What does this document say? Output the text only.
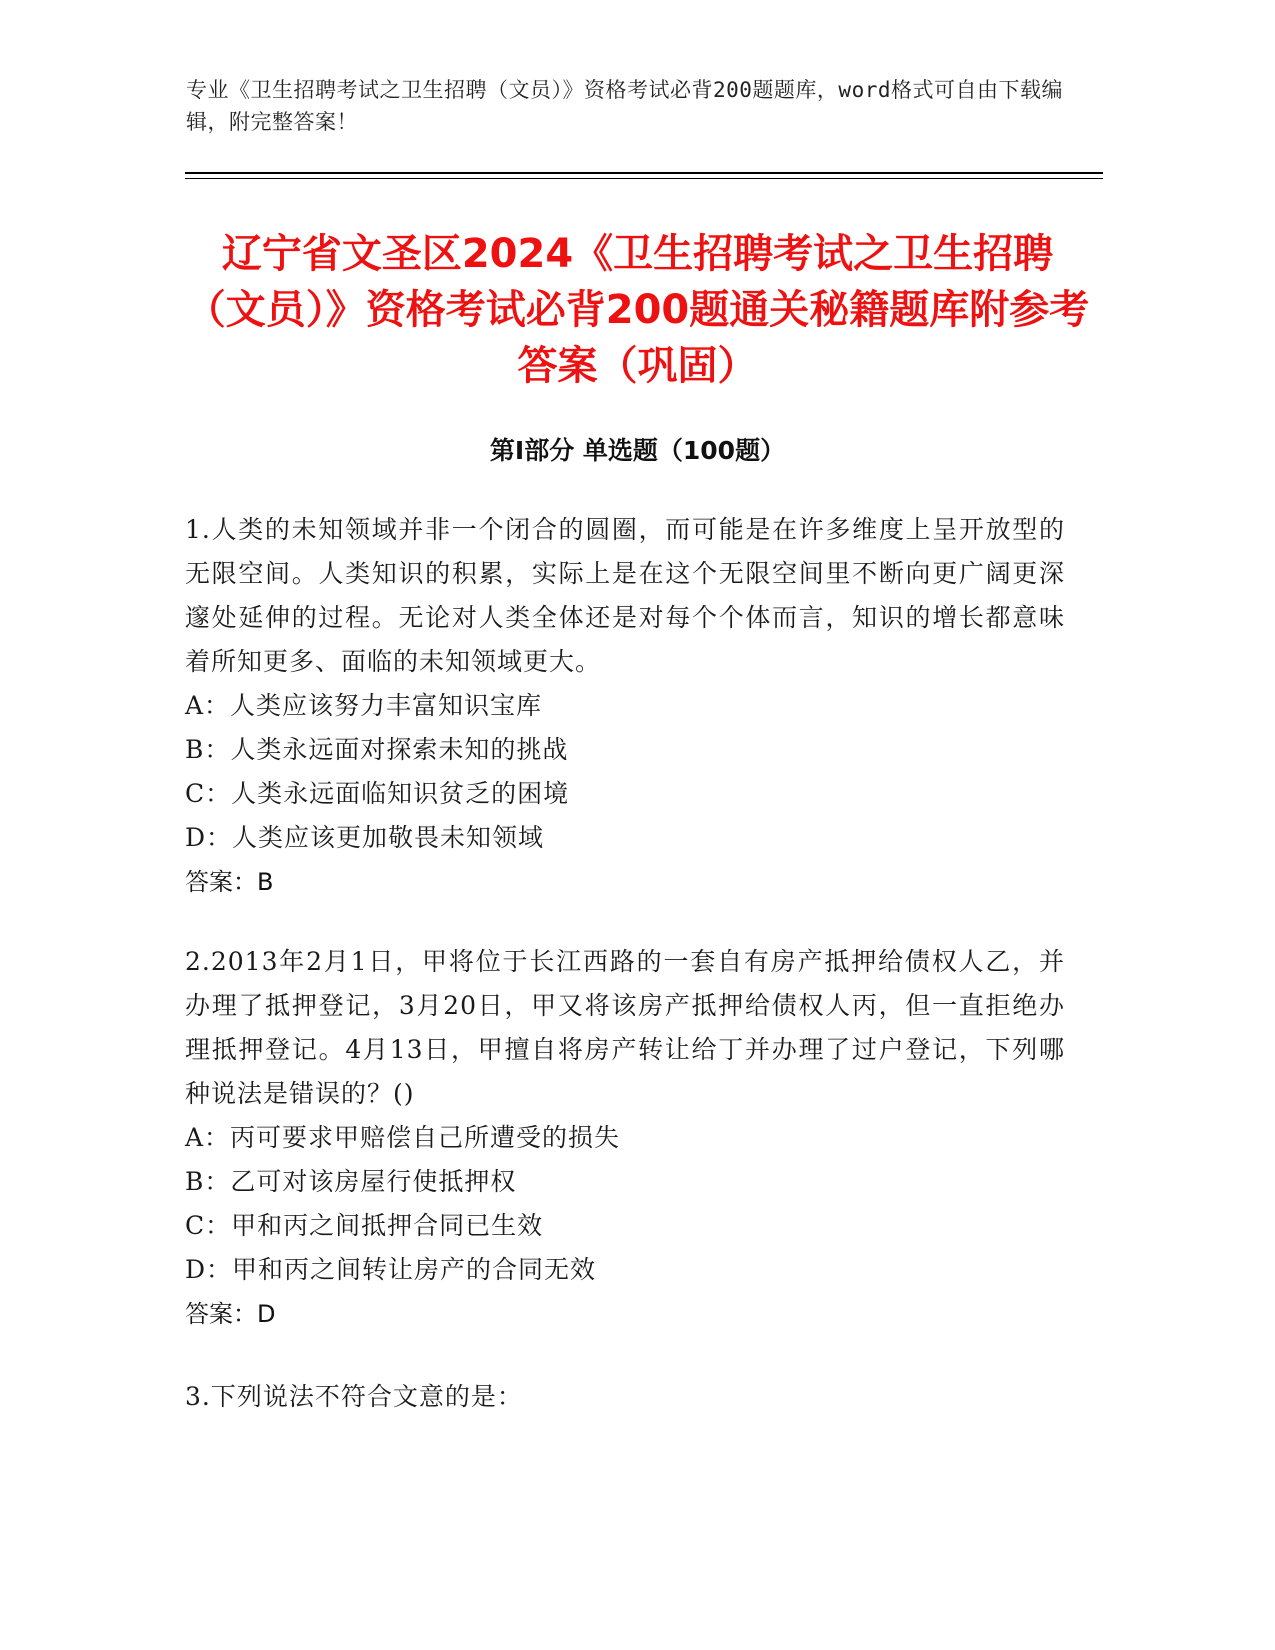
专业《卫生招聘考试之卫生招聘（文员）》资格考试必背200题题库，word格式可自由下载编辑，附完整答案！
辽宁省文圣区2024《卫生招聘考试之卫生招聘（文员）》资格考试必背200题通关秘籍题库附参考答案（巩固）
第Ⅰ部分 单选题（100题）
1.人类的未知领域并非一个闭合的圆圈，而可能是在许多维度上呈开放型的无限空间。人类知识的积累，实际上是在这个无限空间里不断向更广阔更深邃处延伸的过程。无论对人类全体还是对每个个体而言，知识的增长都意味着所知更多、面临的未知领域更大。
A：人类应该努力丰富知识宝库
B：人类永远面对探索未知的挑战
C：人类永远面临知识贫乏的困境
D：人类应该更加敬畏未知领域
答案：B
2.2013年2月1日，甲将位于长江西路的一套自有房产抵押给债权人乙，并办理了抵押登记，3月20日，甲又将该房产抵押给债权人丙，但一直拒绝办理抵押登记。4月13日，甲擅自将房产转让给丁并办理了过户登记，下列哪种说法是错误的？()
A：丙可要求甲赔偿自己所遭受的损失
B：乙可对该房屋行使抵押权
C：甲和丙之间抵押合同已生效
D：甲和丙之间转让房产的合同无效
答案：D
3.下列说法不符合文意的是：
